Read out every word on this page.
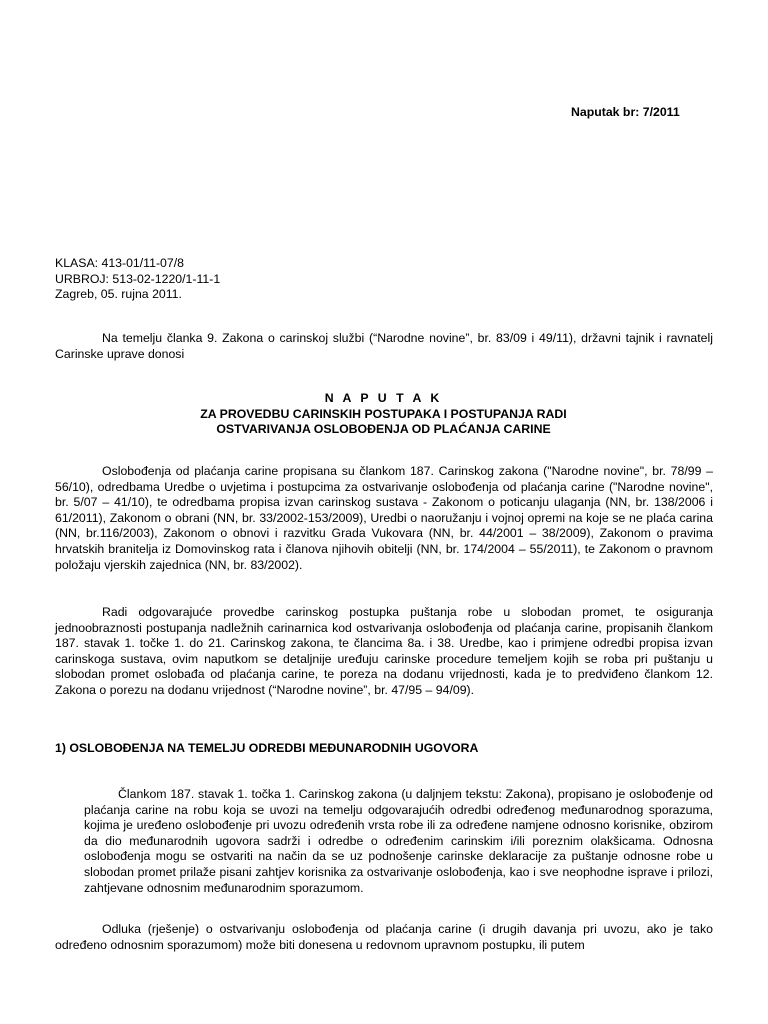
Naputak br: 7/2011
KLASA: 413-01/11-07/8
URBROJ: 513-02-1220/1-11-1
Zagreb, 05. rujna 2011.

Na temelju članka 9. Zakona o carinskoj službi (“Narodne novine”, br. 83/09 i 49/11), državni tajnik i ravnatelj Carinske uprave donosi

N A P U T A K
ZA PROVEDBU CARINSKIH POSTUPAKA I POSTUPANJA RADI
OSTVARIVANJA OSLOBOĐENJA OD PLAĆANJA CARINE

Oslobođenja od plaćanja carine propisana su člankom 187. Carinskog zakona ("Narodne novine", br. 78/99 – 56/10), odredbama Uredbe o uvjetima i postupcima za ostvarivanje oslobođenja od plaćanja carine ("Narodne novine", br. 5/07 – 41/10), te odredbama propisa izvan carinskog sustava - Zakonom o poticanju ulaganja (NN, br. 138/2006 i 61/2011), Zakonom o obrani (NN, br. 33/2002-153/2009), Uredbi o naoružanju i vojnoj opremi na koje se ne plaća carina (NN, br.116/2003), Zakonom o obnovi i razvitku Grada Vukovara (NN, br. 44/2001 – 38/2009), Zakonom o pravima hrvatskih branitelja iz Domovinskog rata i članova njihovih obitelji (NN, br. 174/2004 – 55/2011), te Zakonom o pravnom položaju vjerskih zajednica (NN, br. 83/2002).

Radi odgovarajuće provedbe carinskog postupka puštanja robe u slobodan promet, te osiguranja jednoobraznosti postupanja nadležnih carinarnica kod ostvarivanja oslobođenja od plaćanja carine, propisanih člankom 187. stavak 1. točke 1. do 21. Carinskog zakona, te člancima 8a. i 38. Uredbe, kao i primjene odredbi propisa izvan carinskoga sustava, ovim naputkom se detaljnije uređuju carinske procedure temeljem kojih se roba pri puštanju u slobodan promet oslobađa od plaćanja carine, te poreza na dodanu vrijednosti, kada je to predviđeno člankom 12. Zakona o porezu na dodanu vrijednost (“Narodne novine”, br. 47/95 – 94/09).

1) OSLOBOĐENJA NA TEMELJU ODREDBI MEĐUNARODNIH UGOVORA

Člankom 187. stavak 1. točka 1. Carinskog zakona (u daljnjem tekstu: Zakona), propisano je oslobođenje od plaćanja carine na robu koja se uvozi na temelju odgovarajućih odredbi određenog međunarodnog sporazuma, kojima je uređeno oslobođenje pri uvozu određenih vrsta robe ili za određene namjene odnosno korisnike, obzirom da dio međunarodnih ugovora sadrži i odredbe o određenim carinskim i/ili poreznim olakšicama. Odnosna oslobođenja mogu se ostvariti na način da se uz podnošenje carinske deklaracije za puštanje odnosne robe u slobodan promet prilaže pisani zahtjev korisnika za ostvarivanje oslobođenja, kao i sve neophodne isprave i prilozi, zahtjevane odnosnim međunarodnim sporazumom.

Odluka (rješenje) o ostvarivanju oslobođenja od plaćanja carine (i drugih davanja pri uvozu, ako je tako određeno odnosnim sporazumom) može biti donesena u redovnom upravnom postupku, ili putem
